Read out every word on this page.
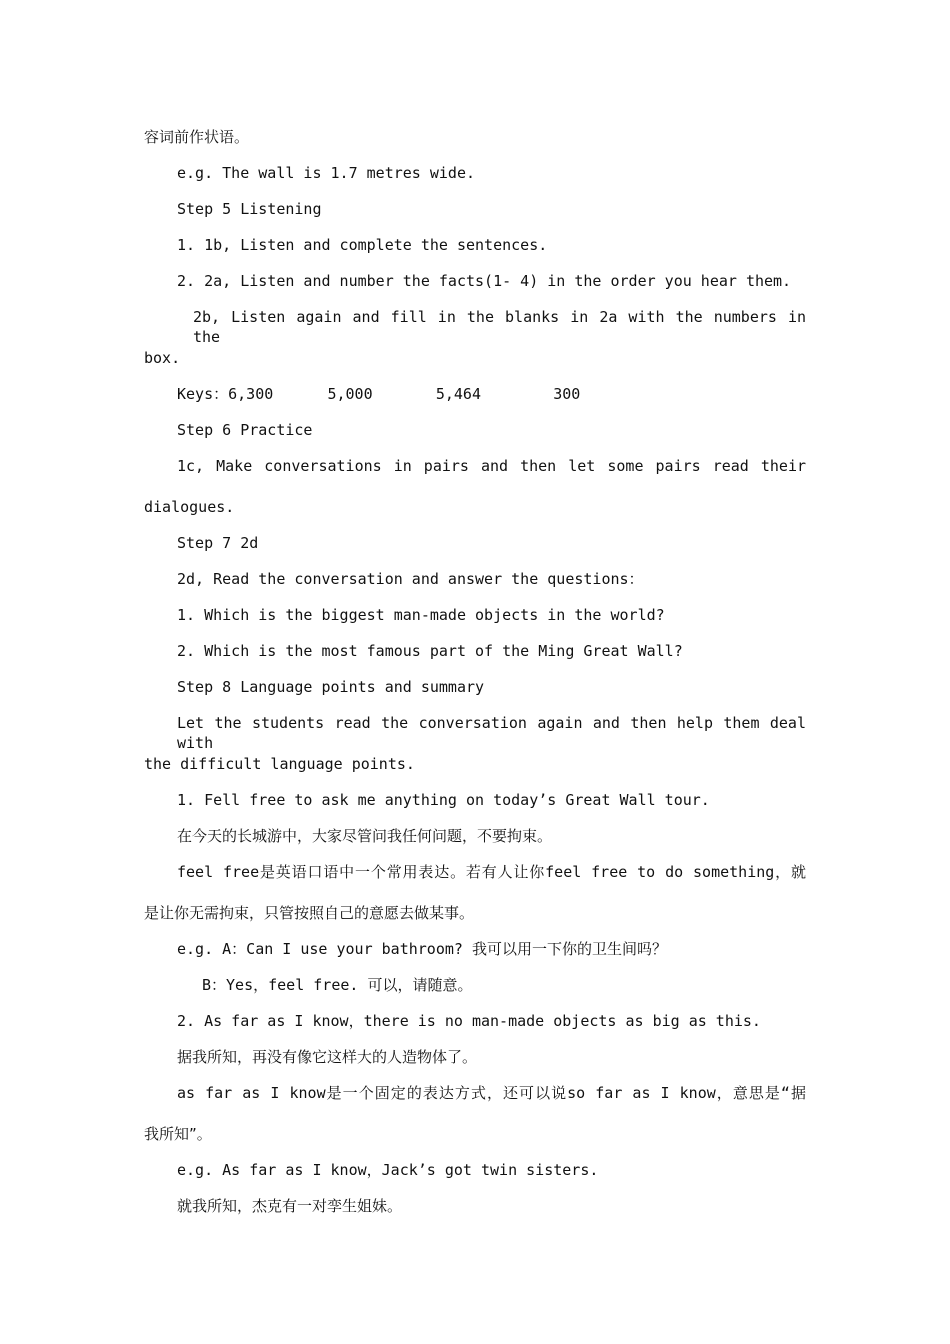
容词前作状语。
e.g. The wall is 1.7 metres wide.
Step 5 Listening
1. 1b, Listen and complete the sentences.
2. 2a, Listen and number the facts(1- 4) in the order you hear them.
2b, Listen again and fill in the blanks in 2a with the numbers in the
box.
Keys：6,300      5,000       5,464        300
Step 6 Practice
1c, Make conversations in pairs and then let some pairs read their
dialogues.
Step 7 2d
2d, Read the conversation and answer the questions：
1. Which is the biggest man-made objects in the world?
2. Which is the most famous part of the Ming Great Wall?
Step 8 Language points and summary
Let the students read the conversation again and then help them deal with
the difficult language points.
1. Fell free to ask me anything on today’s Great Wall tour.
在今天的长城游中，大家尽管问我任何问题，不要拘束。
feel free是英语口语中一个常用表达。若有人让你feel free to do something，就
是让你无需拘束，只管按照自己的意愿去做某事。
e.g. A：Can I use your bathroom? 我可以用一下你的卫生间吗？
B：Yes，feel free. 可以，请随意。
2. As far as I know，there is no man-made objects as big as this.
据我所知，再没有像它这样大的人造物体了。
as far as I know是一个固定的表达方式，还可以说so far as I know，意思是“据
我所知”。
e.g. As far as I know，Jack’s got twin sisters.
就我所知，杰克有一对孪生姐妹。
